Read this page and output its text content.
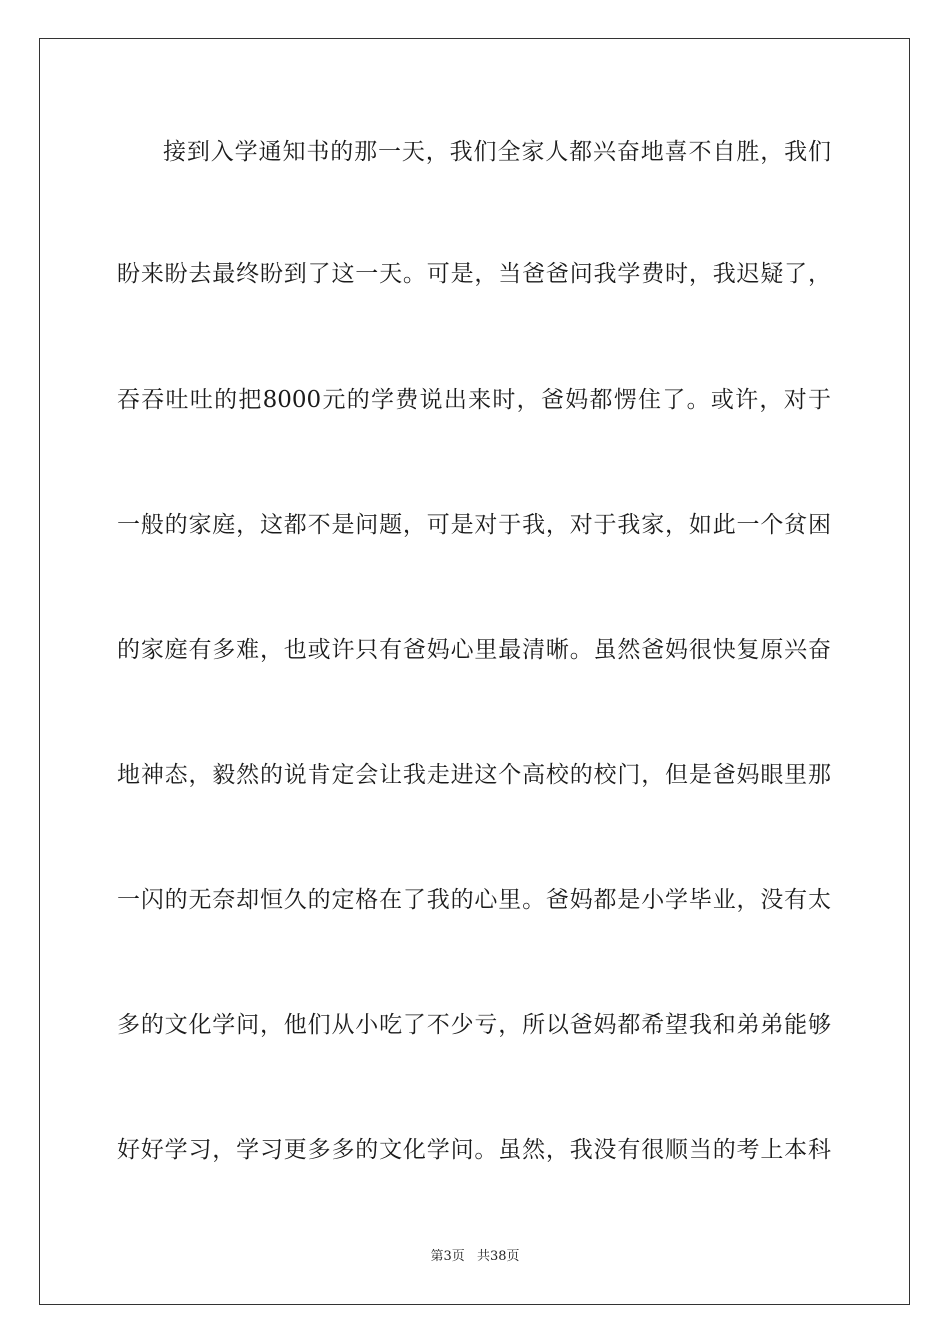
接到入学通知书的那一天，我们全家人都兴奋地喜不自胜，我们
盼来盼去最终盼到了这一天。可是，当爸爸问我学费时，我迟疑了，
吞吞吐吐的把8000元的学费说出来时，爸妈都愣住了。或许，对于
一般的家庭，这都不是问题，可是对于我，对于我家，如此一个贫困
的家庭有多难，也或许只有爸妈心里最清晰。虽然爸妈很快复原兴奋
地神态，毅然的说肯定会让我走进这个高校的校门，但是爸妈眼里那
一闪的无奈却恒久的定格在了我的心里。爸妈都是小学毕业，没有太
多的文化学问，他们从小吃了不少亏，所以爸妈都希望我和弟弟能够
好好学习，学习更多多的文化学问。虽然，我没有很顺当的考上本科
第3页 共38页
